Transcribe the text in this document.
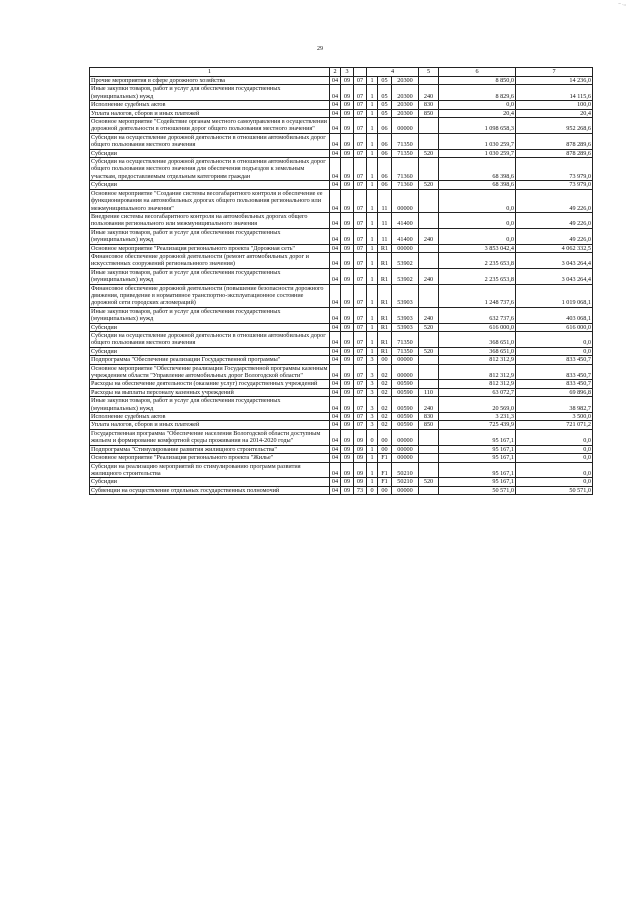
~ .,,
29
1	2	3		4			5	6	7
Прочие мероприятия в сфере дорожного хозяйства	04	09	07	1	05	20300		8 850,0	14 236,0
Иные закупки товаров, работ и услуг для обеспечения государственных (муниципальных) нужд	04	09	07	1	05	20300	240	8 829,6	14 115,6
Исполнение судебных актов	04	09	07	1	05	20300	830	0,0	100,0
Уплата налогов, сборов и иных платежей	04	09	07	1	05	20300	850	20,4	20,4
Основное мероприятие "Содействие органам местного самоуправления в осуществлении дорожной деятельности в отношении дорог общего пользования местного значения"	04	09	07	1	06	00000		1 098 658,3	952 268,6
Субсидии на осуществление дорожной деятельности в отношении автомобильных дорог общего пользования местного значения	04	09	07	1	06	71350		1 030 259,7	878 289,6
Субсидии	04	09	07	1	06	71350	520	1 030 259,7	878 289,6
Субсидии на осуществление дорожной деятельности в отношении автомобильных дорог общего пользования местного значения для обеспечения подъездов к земельным участкам, предоставляемым отдельным категориям граждан	04	09	07	1	06	71360		68 398,6	73 979,0
Субсидии	04	09	07	1	06	71360	520	68 398,6	73 979,0
Основное мероприятие "Создание системы весогабаритного контроля и обеспечение ее функционирования на автомобильных дорогах общего пользования регионального или межмуниципального значения"	04	09	07	1	11	00000		0,0	49 226,0
Внедрение системы весогабаритного контроля на автомобильных дорогах общего пользования регионального или межмуниципального значения	04	09	07	1	11	41400		0,0	49 226,0
Иные закупки товаров, работ и услуг для обеспечения государственных (муниципальных) нужд	04	09	07	1	11	41400	240	0,0	49 226,0
Основное мероприятие "Реализация регионального проекта "Дорожная сеть"	04	09	07	1	R1	00000		3 853 042,4	4 062 332,5
Финансовое обеспечение дорожной деятельности (ремонт автомобильных дорог и искусственных сооружений региональнного значения)	04	09	07	1	R1	53902		2 235 653,8	3 043 264,4
Иные закупки товаров, работ и услуг для обеспечения государственных (муниципальных) нужд	04	09	07	1	R1	53902	240	2 235 653,8	3 043 264,4
Финансовое обеспечение дорожной деятельности (повышение безопасности дорожного движения, приведение в нормативное транспортно-эксплуатационное состояние дорожной сети городских агломераций)	04	09	07	1	R1	53903		1 248 737,6	1 019 068,1
Иные закупки товаров, работ и услуг для обеспечения государственных (муниципальных) нужд	04	09	07	1	R1	53903	240	632 737,6	403 068,1
Субсидии	04	09	07	1	R1	53903	520	616 000,0	616 000,0
Субсидии на осуществление дорожной деятельности в отношении автомобильных дорог общего пользования местного значения	04	09	07	1	R1	71350		368 651,0	0,0
Субсидии	04	09	07	1	R1	71350	520	368 651,0	0,0
Подпрограмма "Обеспечение реализации Государственной программы"	04	09	07	3	00	00000		812 312,9	833 450,7
Основное мероприятие "Обеспечение реализации Государственной программы казенным учреждением области "Управление автомобильных дорог Вологодской области"	04	09	07	3	02	00000		812 312,9	833 450,7
Расходы на обеспечение деятельности (оказание услуг) государственных учреждений	04	09	07	3	02	00590		812 312,9	833 450,7
Расходы на выплаты персоналу казенных учреждений	04	09	07	3	02	00590	110	63 072,7	69 896,8
Иные закупки товаров, работ и услуг для обеспечения государственных (муниципальных) нужд	04	09	07	3	02	00590	240	20 569,0	38 982,7
Исполнение судебных актов	04	09	07	3	02	00590	830	3 231,3	3 500,0
Уплата налогов, сборов и иных платежей	04	09	07	3	02	00590	850	725 439,9	721 071,2
Государственная программа "Обеспечение населения Вологодской области доступным жильем и формирование комфортной среды проживания на 2014-2020 годы"	04	09	09	0	00	00000		95 167,1	0,0
Подпрограмма "Стимулирование развития жилищного строительства"	04	09	09	1	00	00000		95 167,1	0,0
Основное мероприятие "Реализация регионального проекта "Жилье"	04	09	09	1	F1	00000		95 167,1	0,0
Субсидии на реализацию мероприятий по стимулированию программ развития жилищного строительства	04	09	09	1	F1	50210		95 167,1	0,0
Субсидии	04	09	09	1	F1	50210	520	95 167,1	0,0
Субвенции на осуществление отдельных государственных полномочий	04	09	73	0	00	00000		50 571,0	50 571,0
